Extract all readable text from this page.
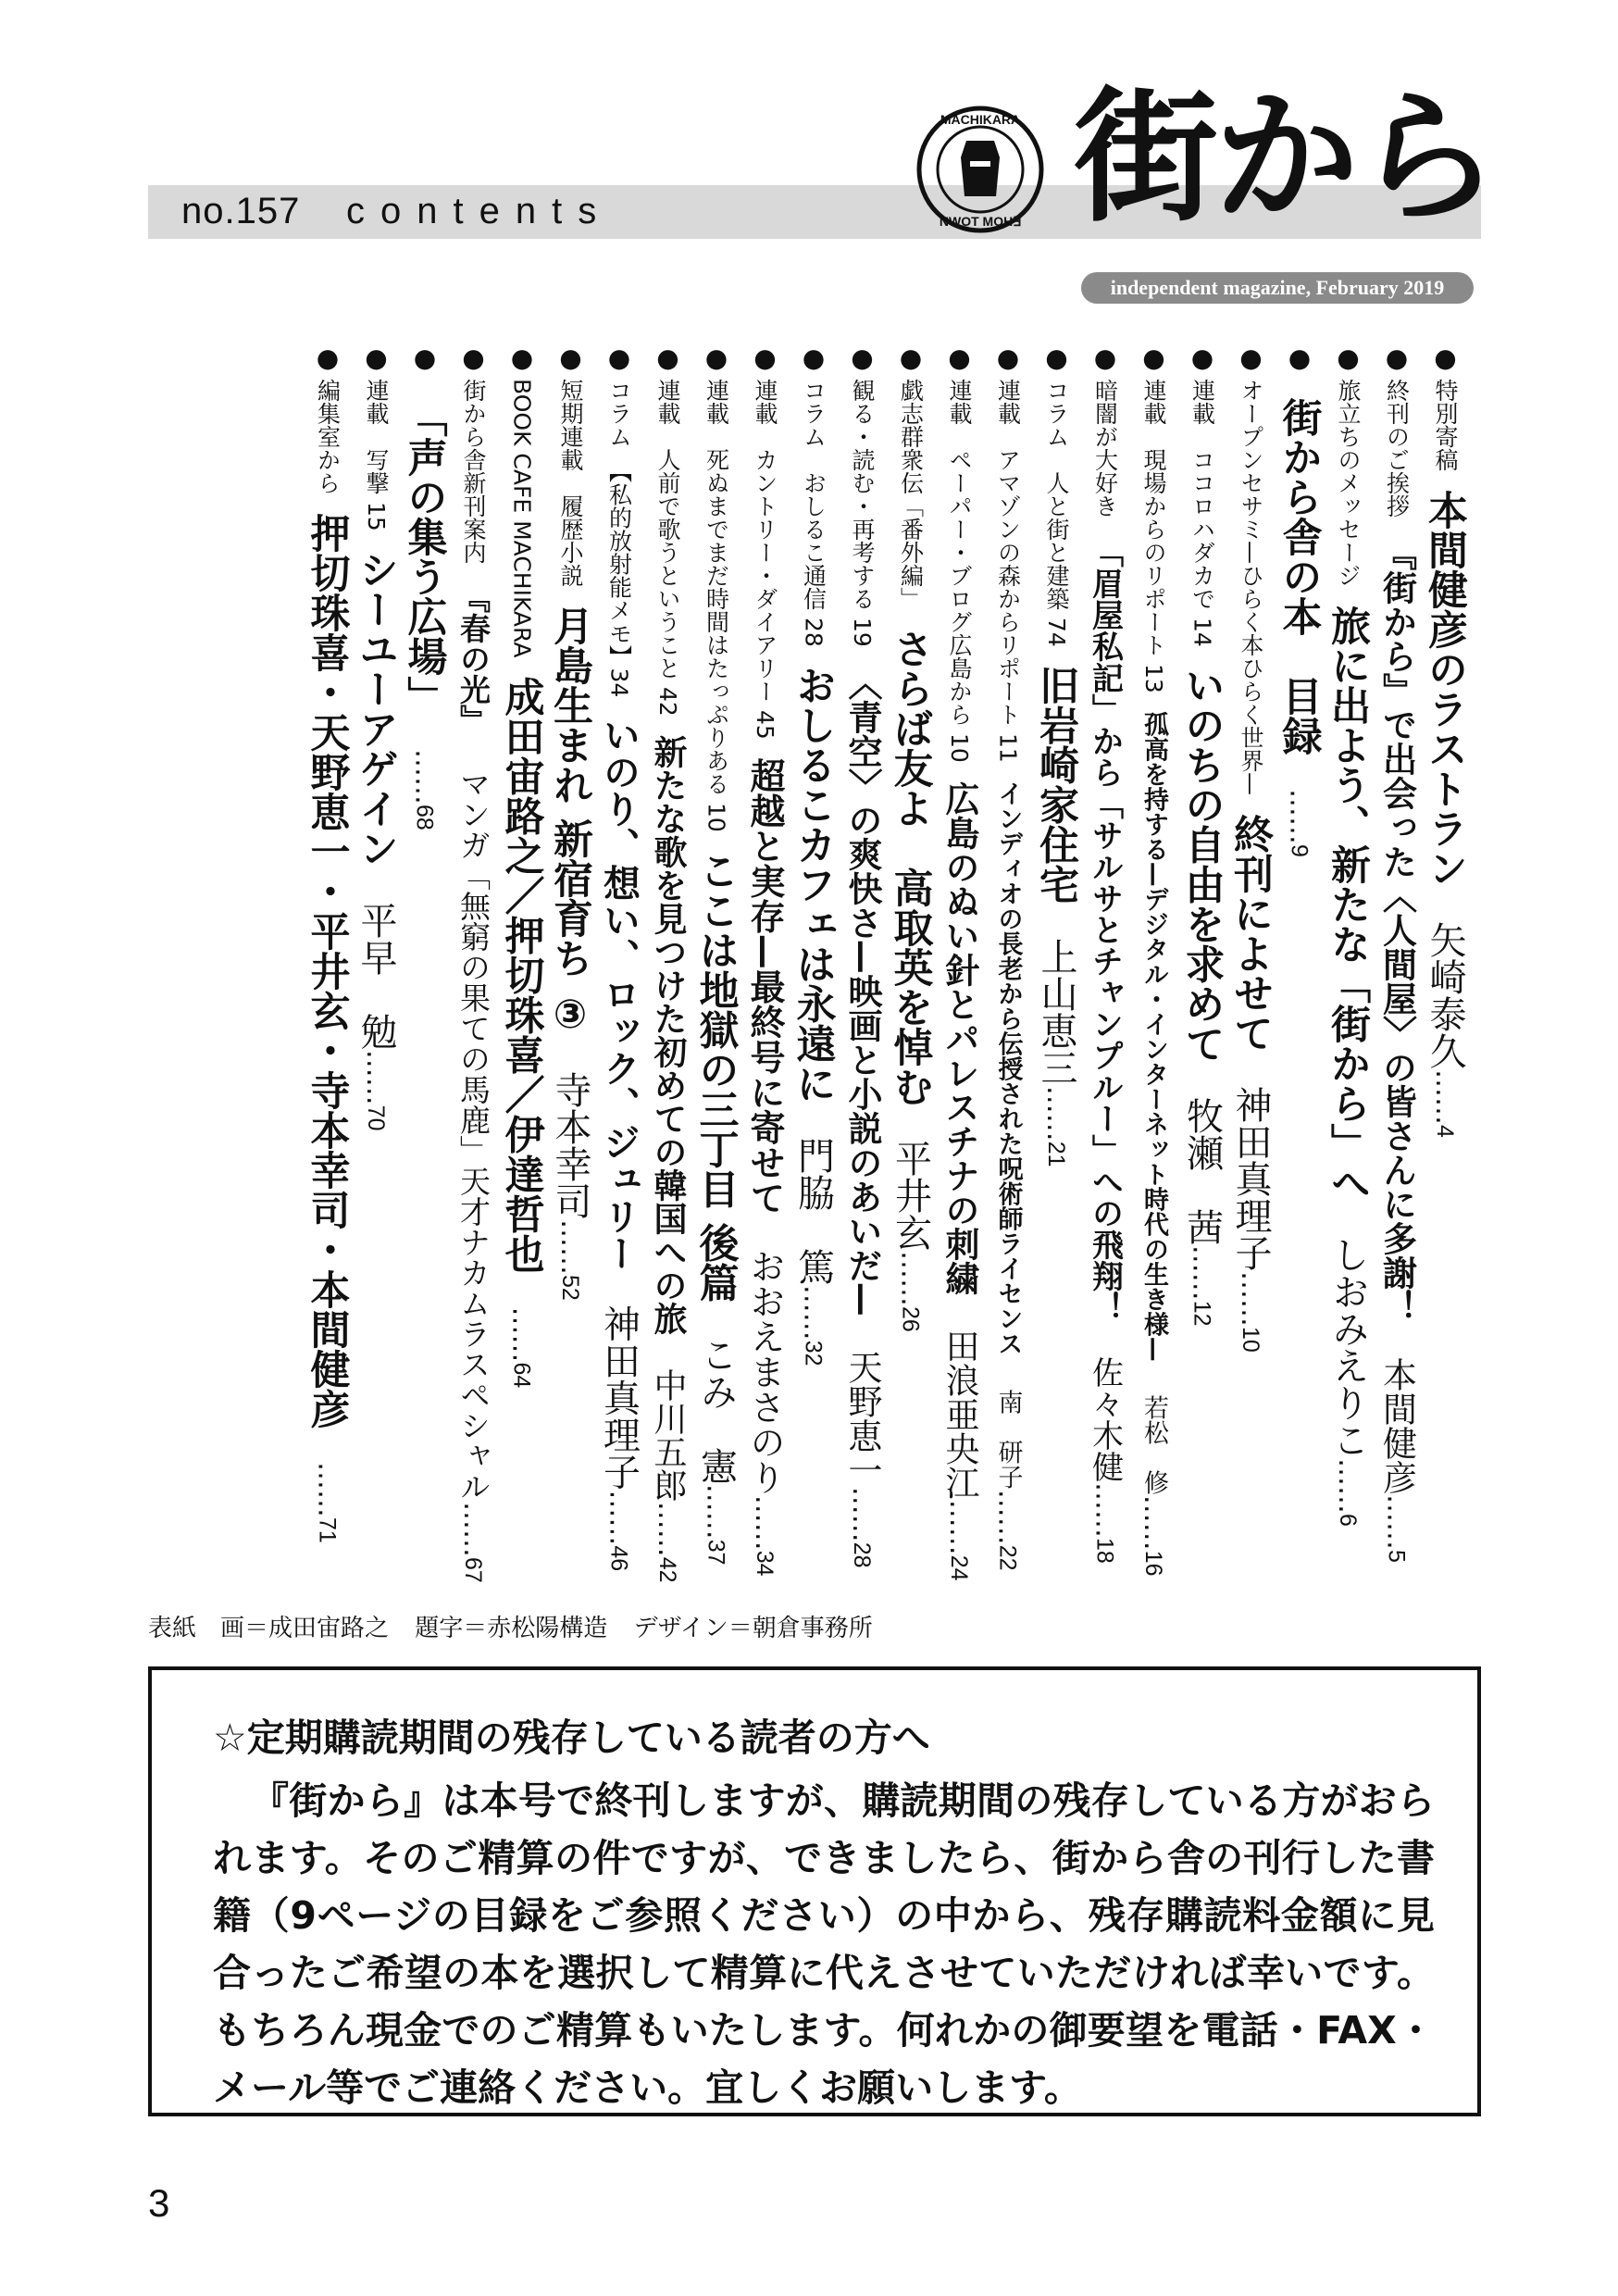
no.157 contents
MACHIKARA
NWOT MOH∃ 街から
independent magazine, February 2019
●特別寄稿本間健彦のラストラン矢崎泰久……4
●終刊のご挨拶『街から』で出会った〈人間屋〉の皆さんに多謝！本間健彦……5
●旅立ちのメッセージ旅に出よう、新たな「街から」へしおみえりこ……6
●街から舎の本　目録……9
●オープンセサミ—ひらく本ひらく世界—終刊によせて神田真理子……10
●連載　ココロハダカで 14いのちの自由を求めて牧瀬　茜……12
●連載　現場からのリポート 13孤高を持する—デジタル・インターネット時代の生き様—若松　修……16
●暗闇が大好き「眉屋私記」から「サルサとチャンプルー」への飛翔！佐々木健……18
●コラム　人と街と建築 74旧岩崎家住宅上山恵三……21
●連載　アマゾンの森からリポート 11インディオの長老から伝授された呪術師ライセンス南　研子……22
●連載　ペーパー・ブログ広島から 10広島のぬい針とパレスチナの刺繍田浪亜央江……24
●戯志群衆伝「番外編」さらば友よ　高取英を悼む平井玄……26
●観る・読む・再考する 19〈青空〉の爽快さ—映画と小説のあいだ—天野恵一……28
●コラム　おしるこ通信 28おしるこカフェは永遠に門脇　篤……32
●連載　カントリー・ダイアリー 45超越と実存—最終号に寄せておおえまさのり……34
●連載　死ぬまでまだ時間はたっぷりある 10ここは地獄の三丁目 後篇こみ　憲……37
●連載　人前で歌うということ 42新たな歌を見つけた初めての韓国への旅中川五郎……42
●コラム　【私的放射能メモ】34いのり、想い、ロック、ジュリー神田真理子……46
●短期連載　履歴小説月島生まれ 新宿育ち ③寺本幸司……52
●BOOK CAFE MACHIKARA成田宙路之／押切珠喜／伊達哲也……64
●街から舎新刊案内『春の光』マンガ「無窮の果ての馬鹿」天才ナカムラスペシャル……67
●「声の集う広場」……68
●連載　写撃 15シーユーアゲイン平早　勉……70
●編集室から押切珠喜・天野恵一・平井玄・寺本幸司・本間健彦……71
表紙　画＝成田宙路之 題字＝赤松陽構造 デザイン＝朝倉事務所
☆定期購読期間の残存している読者の方へ
『街から』は本号で終刊しますが、購読期間の残存している方がおられます。そのご精算の件ですが、できましたら、街から舎の刊行した書籍（9ページの目録をご参照ください）の中から、残存購読料金額に見合ったご希望の本を選択して精算に代えさせていただければ幸いです。もちろん現金でのご精算もいたします。何れかの御要望を電話・FAX・メール等でご連絡ください。宜しくお願いします。
3
